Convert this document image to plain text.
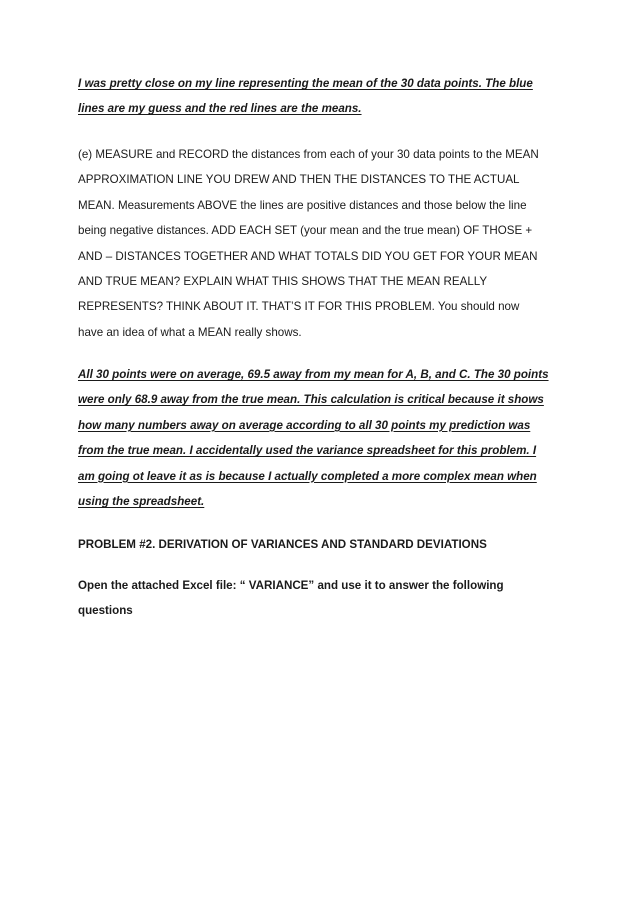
I was pretty close on my line representing the mean of the 30 data points. The blue
lines are my guess and the red lines are the means.
(e) MEASURE and RECORD the distances from each of your 30 data points to the MEAN
APPROXIMATION LINE YOU DREW AND THEN THE DISTANCES TO THE ACTUAL
MEAN. Measurements ABOVE the lines are positive distances and those below the line
being negative distances. ADD EACH SET (your mean and the true mean) OF THOSE +
AND – DISTANCES TOGETHER AND WHAT TOTALS DID YOU GET FOR YOUR MEAN
AND TRUE MEAN? EXPLAIN WHAT THIS SHOWS THAT THE MEAN REALLY
REPRESENTS? THINK ABOUT IT. THAT’S IT FOR THIS PROBLEM. You should now
have an idea of what a MEAN really shows.
All 30 points were on average, 69.5 away from my mean for A, B, and C. The 30 points
were only 68.9 away from the true mean. This calculation is critical because it shows
how many numbers away on average according to all 30 points my prediction was
from the true mean. I accidentally used the variance spreadsheet for this problem. I
am going ot leave it as is because I actually completed a more complex mean when
using the spreadsheet.
PROBLEM #2. DERIVATION OF VARIANCES AND STANDARD DEVIATIONS
Open the attached Excel file: “ VARIANCE” and use it to answer the following
questions
